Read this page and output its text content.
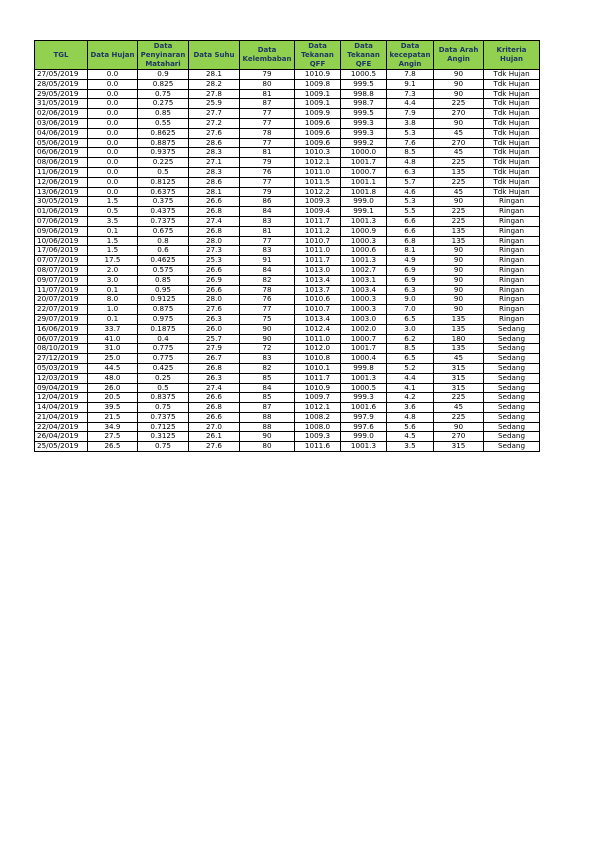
TGL	Data Hujan	Data Penyinaran Matahari	Data Suhu	Data Kelembaban	Data Tekanan QFF	Data Tekanan QFE	Data kecepatan Angin	Data Arah Angin	Kriteria Hujan
27/05/2019	0.0	0.9	28.1	79	1010.9	1000.5	7.8	90	Tdk Hujan
28/05/2019	0.0	0.825	28.2	80	1009.8	999.5	9.1	90	Tdk Hujan
29/05/2019	0.0	0.75	27.8	81	1009.1	998.8	7.3	90	Tdk Hujan
31/05/2019	0.0	0.275	25.9	87	1009.1	998.7	4.4	225	Tdk Hujan
02/06/2019	0.0	0.85	27.7	77	1009.9	999.5	7.9	270	Tdk Hujan
03/06/2019	0.0	0.55	27.2	77	1009.6	999.3	3.8	90	Tdk Hujan
04/06/2019	0.0	0.8625	27.6	78	1009.6	999.3	5.3	45	Tdk Hujan
05/06/2019	0.0	0.8875	28.6	77	1009.6	999.2	7.6	270	Tdk Hujan
06/06/2019	0.0	0.9375	28.3	81	1010.3	1000.0	8.5	45	Tdk Hujan
08/06/2019	0.0	0.225	27.1	79	1012.1	1001.7	4.8	225	Tdk Hujan
11/06/2019	0.0	0.5	28.3	76	1011.0	1000.7	6.3	135	Tdk Hujan
12/06/2019	0.0	0.8125	28.6	77	1011.5	1001.1	5.7	225	Tdk Hujan
13/06/2019	0.0	0.6375	28.1	79	1012.2	1001.8	4.6	45	Tdk Hujan
30/05/2019	1.5	0.375	26.6	86	1009.3	999.0	5.3	90	Ringan
01/06/2019	0.5	0.4375	26.8	84	1009.4	999.1	5.5	225	Ringan
07/06/2019	3.5	0.7375	27.4	83	1011.7	1001.3	6.6	225	Ringan
09/06/2019	0.1	0.675	26.8	81	1011.2	1000.9	6.6	135	Ringan
10/06/2019	1.5	0.8	28.0	77	1010.7	1000.3	6.8	135	Ringan
17/06/2019	1.5	0.6	27.3	83	1011.0	1000.6	8.1	90	Ringan
07/07/2019	17.5	0.4625	25.3	91	1011.7	1001.3	4.9	90	Ringan
08/07/2019	2.0	0.575	26.6	84	1013.0	1002.7	6.9	90	Ringan
09/07/2019	3.0	0.85	26.9	82	1013.4	1003.1	6.9	90	Ringan
11/07/2019	0.1	0.95	26.6	78	1013.7	1003.4	6.3	90	Ringan
20/07/2019	8.0	0.9125	28.0	76	1010.6	1000.3	9.0	90	Ringan
22/07/2019	1.0	0.875	27.6	77	1010.7	1000.3	7.0	90	Ringan
29/07/2019	0.1	0.975	26.3	75	1013.4	1003.0	6.5	135	Ringan
16/06/2019	33.7	0.1875	26.0	90	1012.4	1002.0	3.0	135	Sedang
06/07/2019	41.0	0.4	25.7	90	1011.0	1000.7	6.2	180	Sedang
08/10/2019	31.0	0.775	27.9	72	1012.0	1001.7	8.5	135	Sedang
27/12/2019	25.0	0.775	26.7	83	1010.8	1000.4	6.5	45	Sedang
05/03/2019	44.5	0.425	26.8	82	1010.1	999.8	5.2	315	Sedang
12/03/2019	48.0	0.25	26.3	85	1011.7	1001.3	4.4	315	Sedang
09/04/2019	26.0	0.5	27.4	84	1010.9	1000.5	4.1	315	Sedang
12/04/2019	20.5	0.8375	26.6	85	1009.7	999.3	4.2	225	Sedang
14/04/2019	39.5	0.75	26.8	87	1012.1	1001.6	3.6	45	Sedang
21/04/2019	21.5	0.7375	26.6	88	1008.2	997.9	4.8	225	Sedang
22/04/2019	34.9	0.7125	27.0	88	1008.0	997.6	5.6	90	Sedang
26/04/2019	27.5	0.3125	26.1	90	1009.3	999.0	4.5	270	Sedang
25/05/2019	26.5	0.75	27.6	80	1011.6	1001.3	3.5	315	Sedang
